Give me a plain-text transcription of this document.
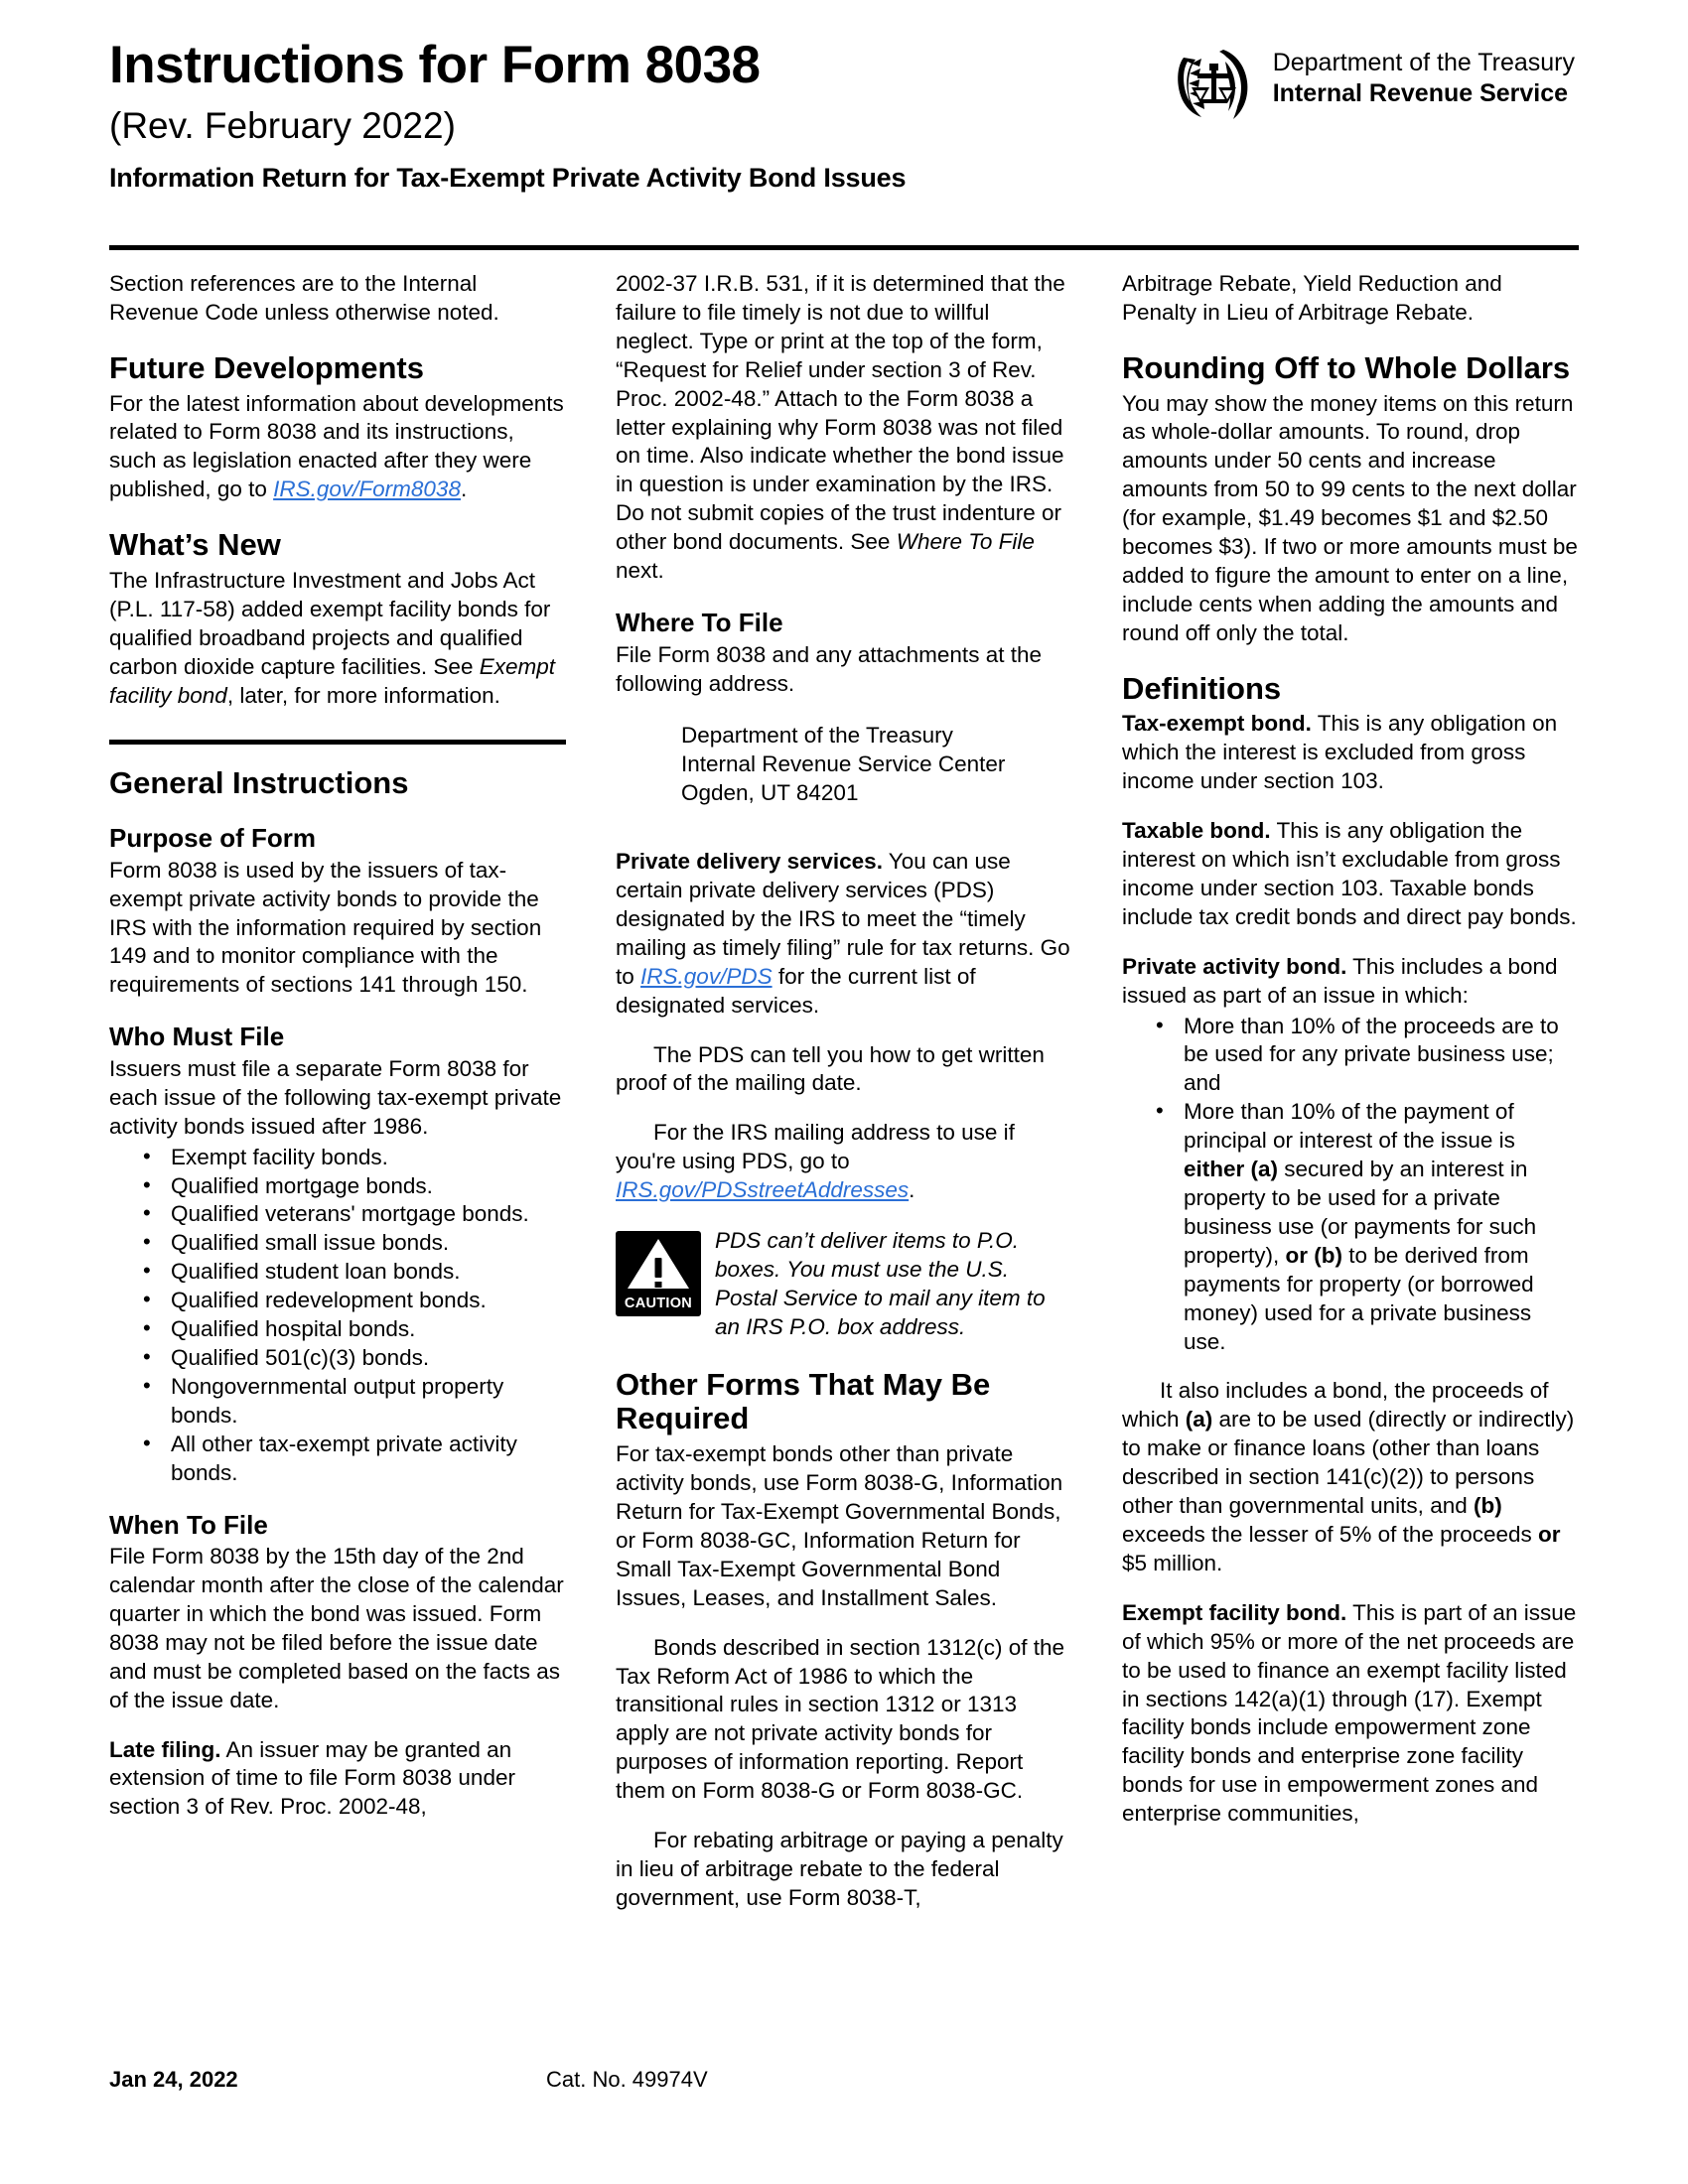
Instructions for Form 8038
(Rev. February 2022)
Department of the Treasury
Internal Revenue Service
Information Return for Tax-Exempt Private Activity Bond Issues

Section references are to the Internal Revenue Code unless otherwise noted.

Future Developments

For the latest information about developments related to Form 8038 and its instructions, such as legislation enacted after they were published, go to IRS.gov/Form8038.

What’s New

The Infrastructure Investment and Jobs Act (P.L. 117-58) added exempt facility bonds for qualified broadband projects and qualified carbon dioxide capture facilities. See Exempt facility bond, later, for more information.

General Instructions
Purpose of Form

Form 8038 is used by the issuers of tax-exempt private activity bonds to provide the IRS with the information required by section 149 and to monitor compliance with the requirements of sections 141 through 150.

Who Must File

Issuers must file a separate Form 8038 for each issue of the following tax-exempt private activity bonds issued after 1986.

• Exempt facility bonds.
• Qualified mortgage bonds.
• Qualified veterans' mortgage bonds.
• Qualified small issue bonds.
• Qualified student loan bonds.
• Qualified redevelopment bonds.
• Qualified hospital bonds.
• Qualified 501(c)(3) bonds.
• Nongovernmental output property bonds.
• All other tax-exempt private activity bonds.
When To File

File Form 8038 by the 15th day of the 2nd calendar month after the close of the calendar quarter in which the bond was issued. Form 8038 may not be filed before the issue date and must be completed based on the facts as of the issue date.

Late filing. An issuer may be granted an extension of time to file Form 8038 under section 3 of Rev. Proc. 2002-48,

2002-37 I.R.B. 531, if it is determined that the failure to file timely is not due to willful neglect. Type or print at the top of the form, “Request for Relief under section 3 of Rev. Proc. 2002-48.” Attach to the Form 8038 a letter explaining why Form 8038 was not filed on time. Also indicate whether the bond issue in question is under examination by the IRS. Do not submit copies of the trust indenture or other bond documents. See Where To File next.

Where To File

File Form 8038 and any attachments at the following address.

Department of the Treasury
Internal Revenue Service Center
Ogden, UT 84201

Private delivery services. You can use certain private delivery services (PDS) designated by the IRS to meet the “timely mailing as timely filing” rule for tax returns. Go to IRS.gov/PDS for the current list of designated services.

The PDS can tell you how to get written proof of the mailing date.

For the IRS mailing address to use if you're using PDS, go to IRS.gov/PDSstreetAddresses.

CAUTION
PDS can’t deliver items to P.O. boxes. You must use the U.S. Postal Service to mail any item to an IRS P.O. box address.
Other Forms That May Be Required

For tax-exempt bonds other than private activity bonds, use Form 8038-G, Information Return for Tax-Exempt Governmental Bonds, or Form 8038-GC, Information Return for Small Tax-Exempt Governmental Bond Issues, Leases, and Installment Sales.

Bonds described in section 1312(c) of the Tax Reform Act of 1986 to which the transitional rules in section 1312 or 1313 apply are not private activity bonds for purposes of information reporting. Report them on Form 8038-G or Form 8038-GC.

For rebating arbitrage or paying a penalty in lieu of arbitrage rebate to the federal government, use Form 8038-T,

Arbitrage Rebate, Yield Reduction and Penalty in Lieu of Arbitrage Rebate.

Rounding Off to Whole Dollars

You may show the money items on this return as whole-dollar amounts. To round, drop amounts under 50 cents and increase amounts from 50 to 99 cents to the next dollar (for example, $1.49 becomes $1 and $2.50 becomes $3). If two or more amounts must be added to figure the amount to enter on a line, include cents when adding the amounts and round off only the total.

Definitions

Tax-exempt bond. This is any obligation on which the interest is excluded from gross income under section 103.

Taxable bond. This is any obligation the interest on which isn’t excludable from gross income under section 103. Taxable bonds include tax credit bonds and direct pay bonds.

Private activity bond. This includes a bond issued as part of an issue in which:

• More than 10% of the proceeds are to be used for any private business use; and
• More than 10% of the payment of principal or interest of the issue is either (a) secured by an interest in property to be used for a private business use (or payments for such property), or (b) to be derived from payments for property (or borrowed money) used for a private business use.

It also includes a bond, the proceeds of which (a) are to be used (directly or indirectly) to make or finance loans (other than loans described in section 141(c)(2)) to persons other than governmental units, and (b) exceeds the lesser of 5% of the proceeds or $5 million.

Exempt facility bond. This is part of an issue of which 95% or more of the net proceeds are to be used to finance an exempt facility listed in sections 142(a)(1) through (17). Exempt facility bonds include empowerment zone facility bonds and enterprise zone facility bonds for use in empowerment zones and enterprise communities,

Jan 24, 2022	Cat. No. 49974V
